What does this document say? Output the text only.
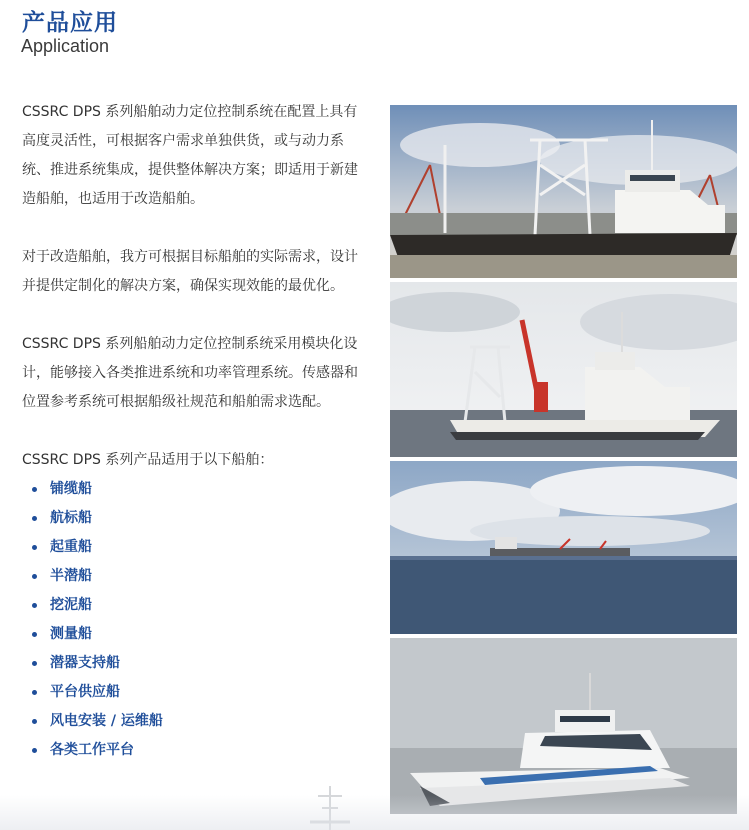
产品应用
Application

CSSRC DPS 系列船舶动力定位控制系统在配置上具有高度灵活性，可根据客户需求单独供货，或与动力系统、推进系统集成，提供整体解决方案；即适用于新建造船舶，也适用于改造船舶。

对于改造船舶，我方可根据目标船舶的实际需求，设计并提供定制化的解决方案，确保实现效能的最优化。

CSSRC DPS 系列船舶动力定位控制系统采用模块化设计，能够接入各类推进系统和功率管理系统。传感器和位置参考系统可根据船级社规范和船舶需求选配。

CSSRC DPS 系列产品适用于以下船舶：

铺缆船
航标船
起重船
半潜船
挖泥船
测量船
潜器支持船
平台供应船
风电安装 / 运维船
各类工作平台
